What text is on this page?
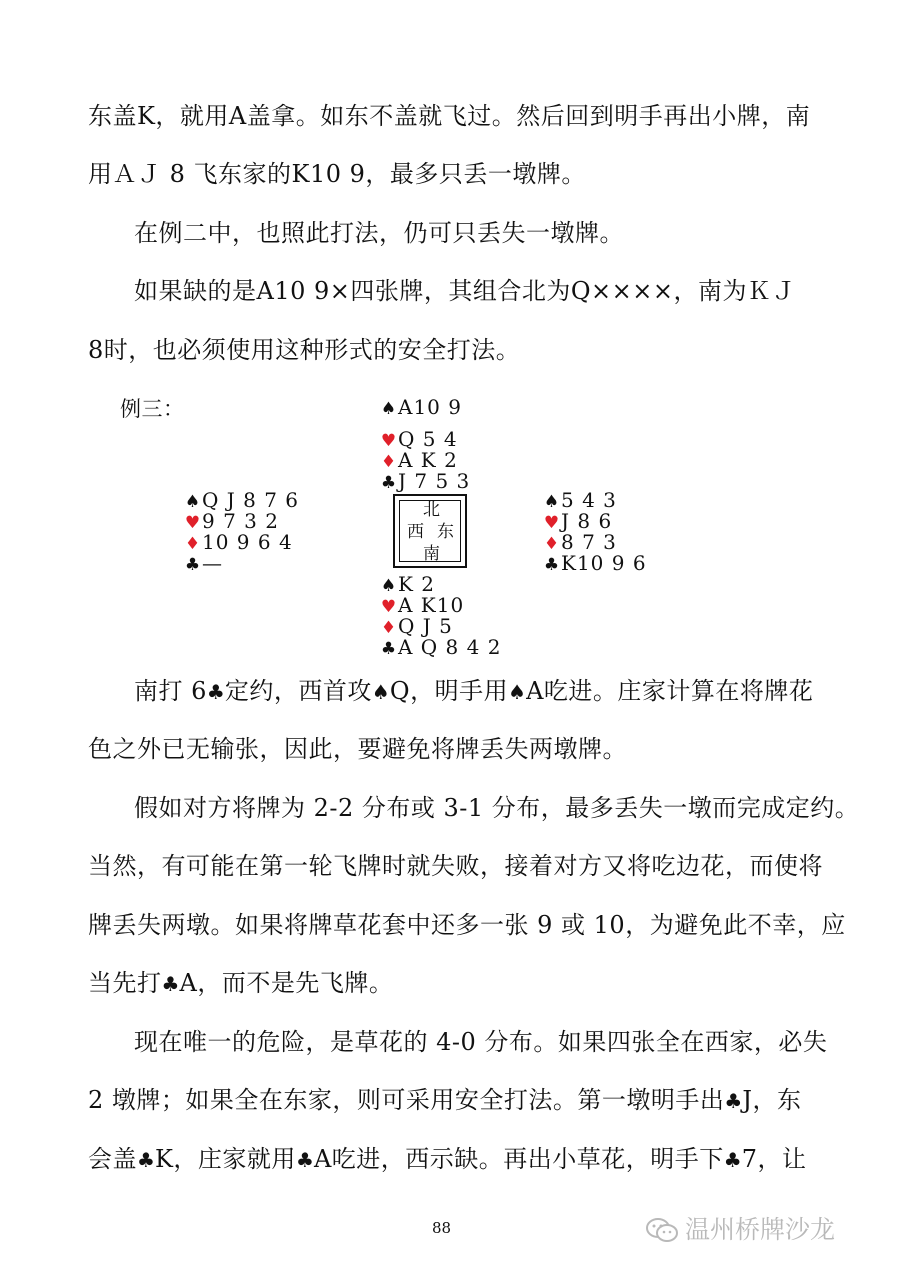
东盖K，就用A盖拿。如东不盖就飞过。然后回到明手再出小牌，南
用ＡＪ 8 飞东家的K10 9，最多只丢一墩牌。
在例二中，也照此打法，仍可只丢失一墩牌。
如果缺的是A10 9×四张牌，其组合北为Q××××，南为ＫＪ
8时，也必须使用这种形式的安全打法。
例三：	♠A10 9
♥Q 5 4
♦A K 2
♣J 7 5 3
♠Q J 8 7 6
♥9 7 3 2
♦10 9 6 4
♣—
北
西 东
南
♠5 4 3
♥J 8 6
♦8 7 3
♣K10 9 6
♠K 2
♥A K10
♦Q J 5
♣A Q 8 4 2
南打 6♣定约，西首攻♠Q，明手用♠A吃进。庄家计算在将牌花
色之外已无输张，因此，要避免将牌丢失两墩牌。
假如对方将牌为 2-2 分布或 3-1 分布，最多丢失一墩而完成定约。
当然，有可能在第一轮飞牌时就失败，接着对方又将吃边花，而使将
牌丢失两墩。如果将牌草花套中还多一张 9 或 10，为避免此不幸，应
当先打♣A，而不是先飞牌。
现在唯一的危险，是草花的 4-0 分布。如果四张全在西家，必失
2 墩牌；如果全在东家，则可采用安全打法。第一墩明手出♣J，东
会盖♣K，庄家就用♣A吃进，西示缺。再出小草花，明手下♣7，让
88	温州桥牌沙龙
